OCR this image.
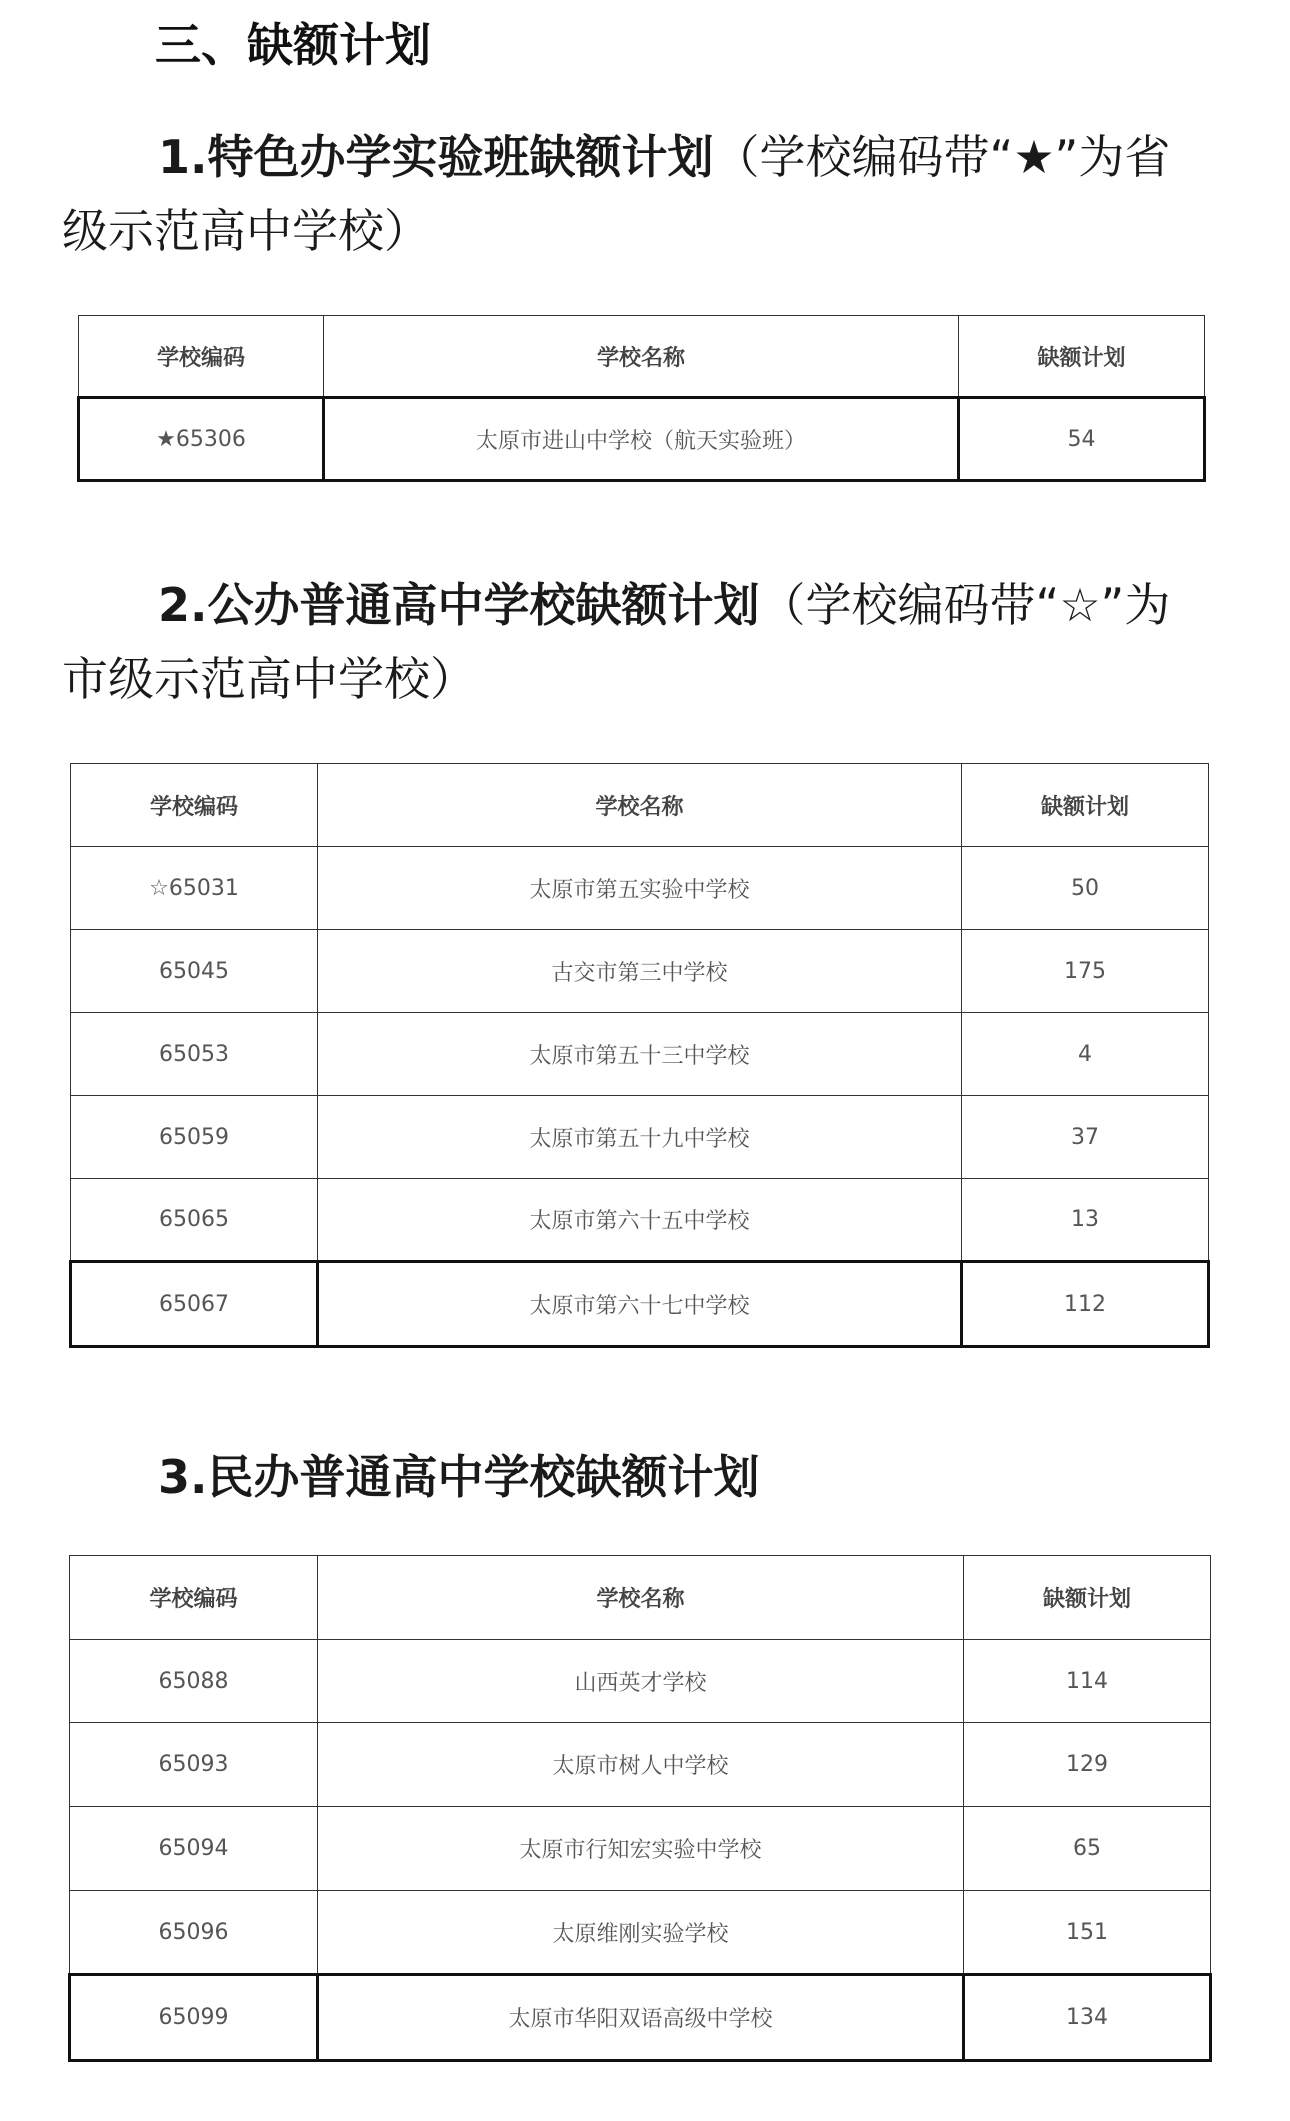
三、缺额计划
1.特色办学实验班缺额计划（学校编码带“★”为省级示范高中学校）
学校编码	学校名称	缺额计划
★65306	太原市进山中学校（航天实验班）	54
2.公办普通高中学校缺额计划（学校编码带“☆”为市级示范高中学校）
学校编码	学校名称	缺额计划
☆65031	太原市第五实验中学校	50
65045	古交市第三中学校	175
65053	太原市第五十三中学校	4
65059	太原市第五十九中学校	37
65065	太原市第六十五中学校	13
65067	太原市第六十七中学校	112
3.民办普通高中学校缺额计划
学校编码	学校名称	缺额计划
65088	山西英才学校	114
65093	太原市树人中学校	129
65094	太原市行知宏实验中学校	65
65096	太原维刚实验学校	151
65099	太原市华阳双语高级中学校	134
